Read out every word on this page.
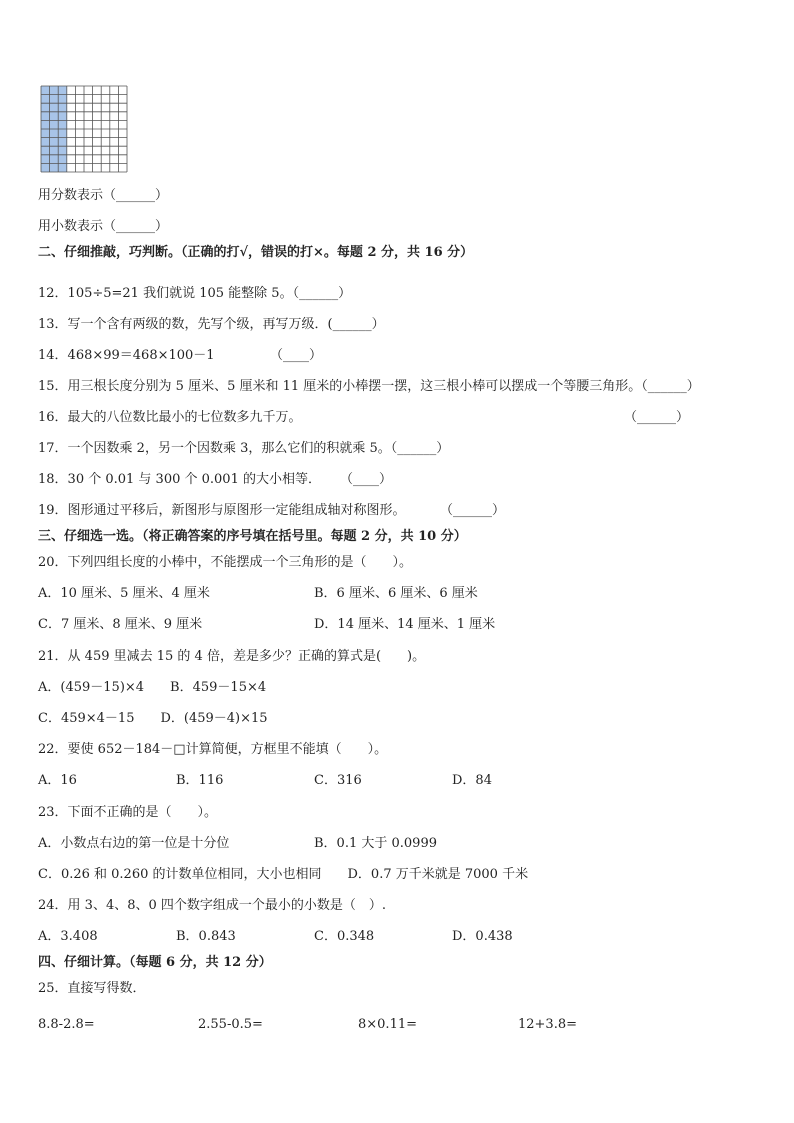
用分数表示（______）
用小数表示（______）
二、仔细推敲，巧判断。（正确的打√，错误的打×。每题 2 分，共 16 分）
12．105÷5=21 我们就说 105 能整除 5。（______）
13．写一个含有两级的数，先写个级，再写万级．(______）
14．468×99＝468×100－1	（____）
15．用三根长度分别为 5 厘米、5 厘米和 11 厘米的小棒摆一摆，这三根小棒可以摆成一个等腰三角形。（______）
16．最大的八位数比最小的七位数多九千万。	（______）
17．一个因数乘 2，另一个因数乘 3，那么它们的积就乘 5。（______）
18．30 个 0.01 与 300 个 0.001 的大小相等． （____）
19．图形通过平移后，新图形与原图形一定能组成轴对称图形。	（______）
三、仔细选一选。（将正确答案的序号填在括号里。每题 2 分，共 10 分）
20．下列四组长度的小棒中，不能摆成一个三角形的是（　　）。
A．10 厘米、5 厘米、4 厘米	B．6 厘米、6 厘米、6 厘米
C．7 厘米、8 厘米、9 厘米	D．14 厘米、14 厘米、1 厘米
21．从 459 里减去 15 的 4 倍，差是多少？正确的算式是(　　)。
A．(459－15)×4　　B．459－15×4
C．459×4－15　　D．(459－4)×15
22．要使 652－184－□计算简便，方框里不能填（　　）。
A．16	B．116	C．316	D．84
23．下面不正确的是（　　）。
A．小数点右边的第一位是十分位	B．0.1 大于 0.0999
C．0.26 和 0.260 的计数单位相同，大小也相同　　D．0.7 万千米就是 7000 千米
24．用 3、4、8、0 四个数字组成一个最小的小数是（　）.
A．3.408	B．0.843	C．0.348	D．0.438
四、仔细计算。（每题 6 分，共 12 分）
25．直接写得数．
8.8-2.8=	2.55-0.5=	8×0.11=	12+3.8=
